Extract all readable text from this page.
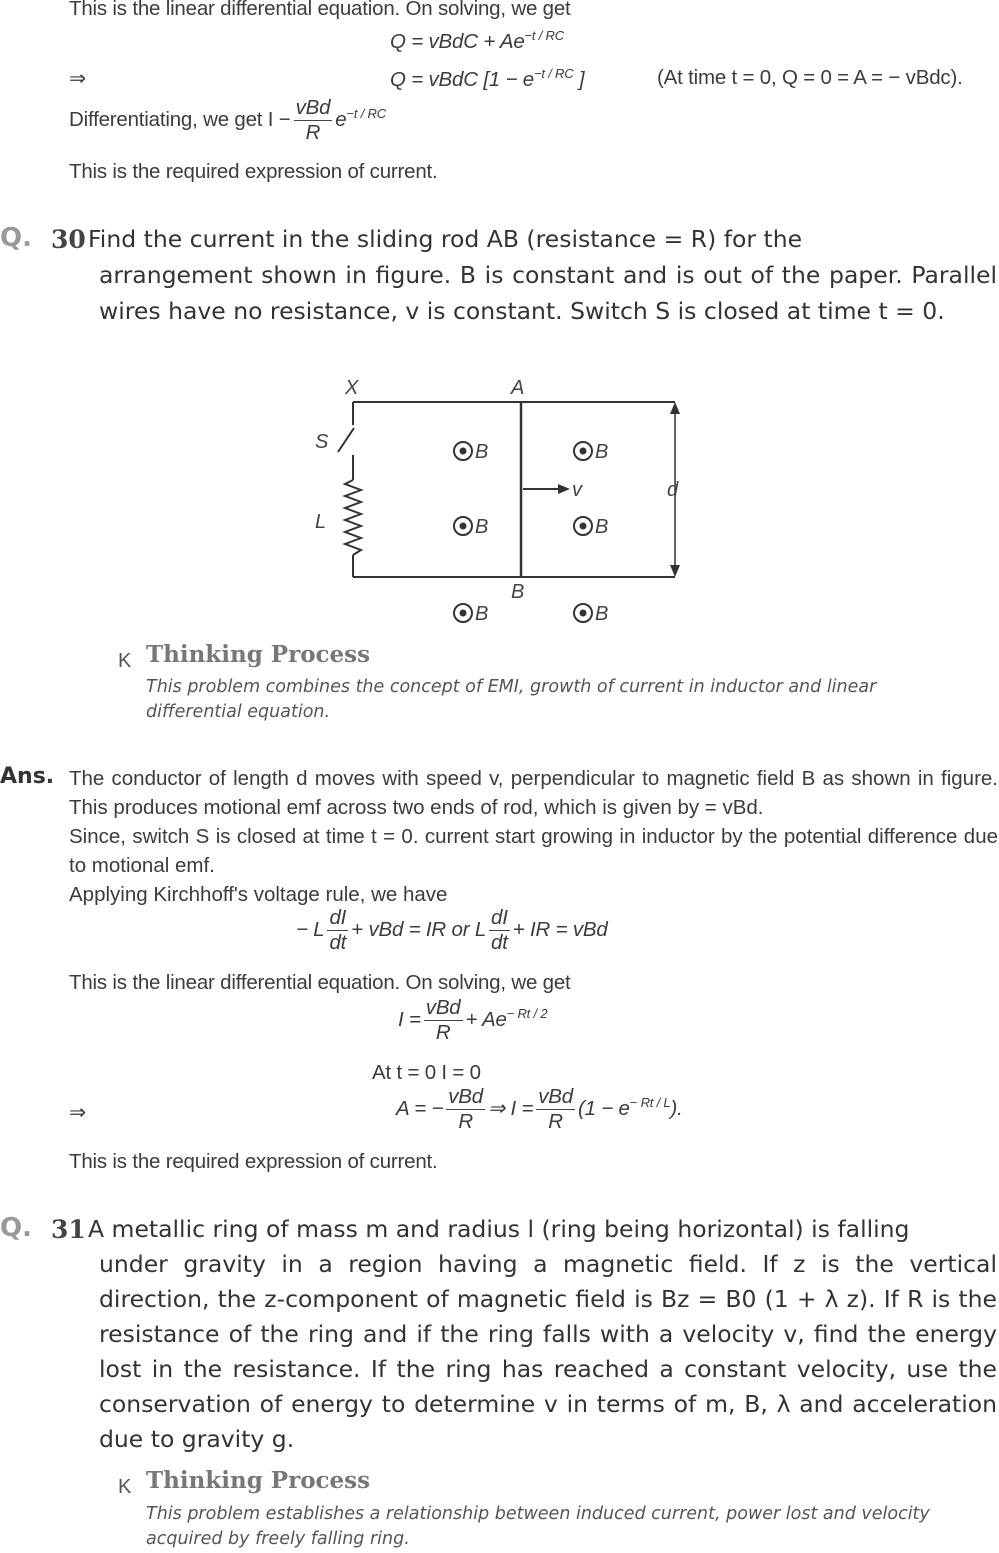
This is the linear differential equation. On solving, we get
Q = vBdC + $Ae^{-t / RC}$
⇒	Q = vBdC [$1 - e^{-t / RC}$ ]	(At time t = 0, Q = 0 = A = − vBdc).
Differentiating, we get $I - \frac{\text{vBd}}{R} e^{-t / RC}$
This is the required expression of current.
Q. 30 Find the current in the sliding rod AB (resistance = R) for the
arrangement shown in figure. B is constant and is out of the paper. Parallel wires have no resistance, v is constant. Switch S is closed at time t = 0.
X	A
B
S
L
d
v
B	B
B	B
B	B
K Thinking Process
This problem combines the concept of EMI, growth of current in inductor and linear differential equation.
Ans. The conductor of length d moves with speed v, perpendicular to magnetic field B as shown in figure. This produces motional emf across two ends of rod, which is given by = vBd.
Since, switch S is closed at time t = 0. current start growing in inductor by the potential difference due to motional emf.
Applying Kirchhoff's voltage rule, we have
− L $\frac{dI}{dt}$ + vBd = IR or L $\frac{dI}{dt}$ + IR = vBd
This is the linear differential equation. On solving, we get
$I = \frac{\text{vBd}}{R} + Ae^{- Rt / 2}$
At t = 0 I = 0
⇒	A = − $\frac{\text{vBd}}{R}$ ⇒ $I = \frac{\text{vBd}}{R} (1 - e^{- Rt / L})$.
This is the required expression of current.
Q. 31 A metallic ring of mass m and radius l (ring being horizontal) is falling
under gravity in a region having a magnetic field. If z is the vertical direction, the z-component of magnetic field is Bz = B0 (1 + λ z). If R is the resistance of the ring and if the ring falls with a velocity v, find the energy lost in the resistance. If the ring has reached a constant velocity, use the conservation of energy to determine v in terms of m, B, λ and acceleration due to gravity g.
K Thinking Process
This problem establishes a relationship between induced current, power lost and velocity acquired by freely falling ring.
